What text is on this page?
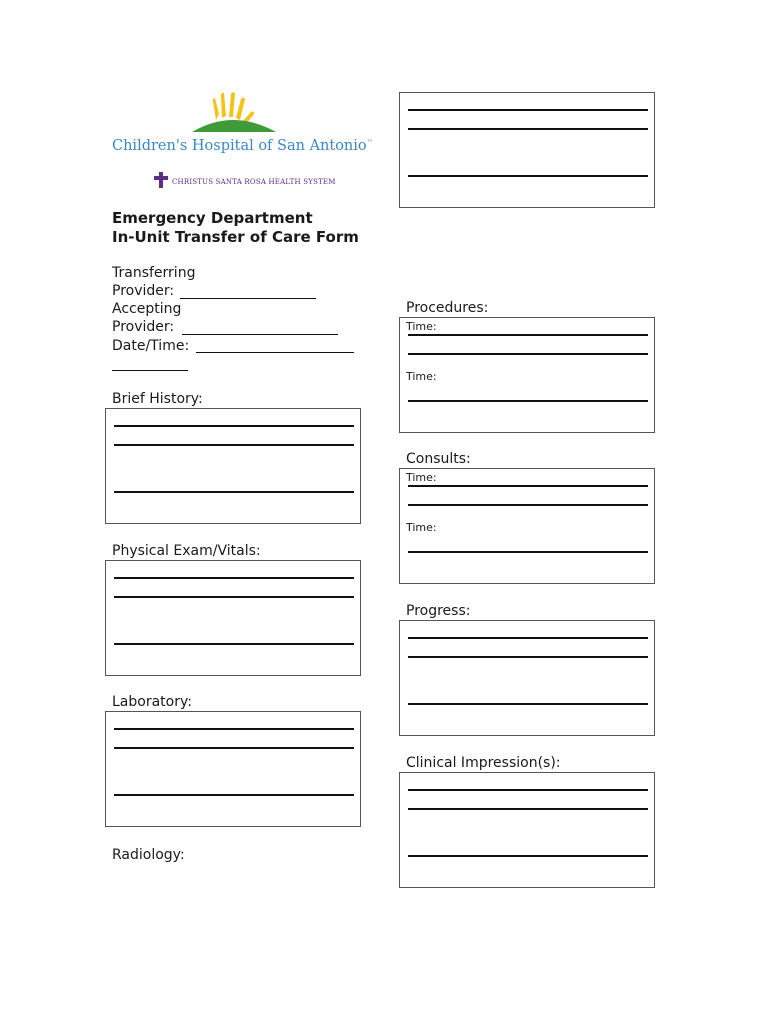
Children's Hospital of San Antonio™
CHRISTUS SANTA ROSA HEALTH SYSTEM
Emergency Department
In-Unit Transfer of Care Form
Transferring
Provider:
Accepting
Provider:
Date/Time:
Brief History:
Physical Exam/Vitals:
Laboratory:
Radiology:
Procedures:
Time:
Time:
Consults:
Time:
Time:
Progress:
Clinical Impression(s):
